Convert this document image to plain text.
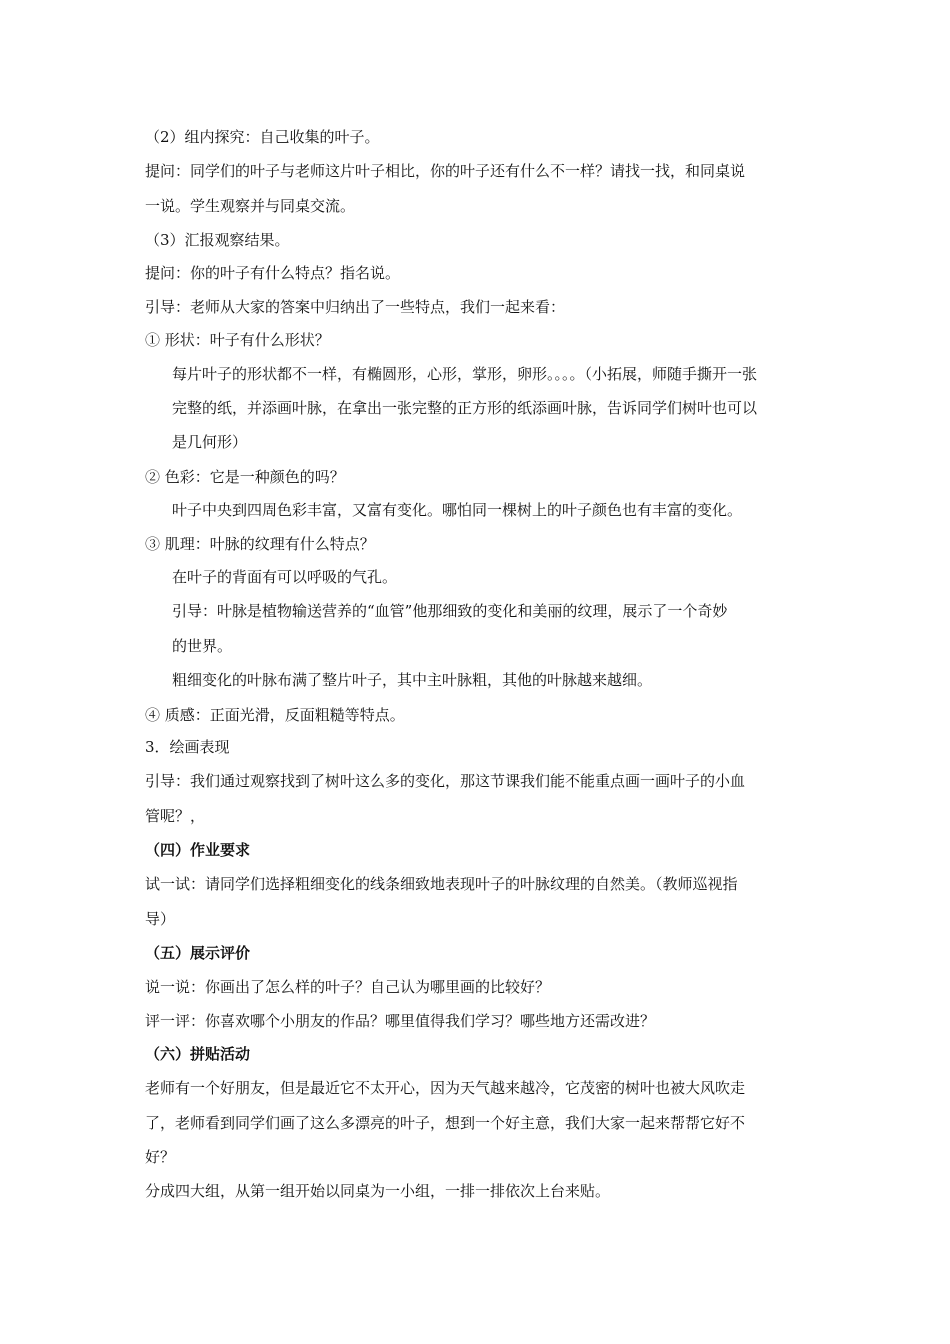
（2）组内探究：自己收集的叶子。
提问：同学们的叶子与老师这片叶子相比，你的叶子还有什么不一样？请找一找，和同桌说
一说。学生观察并与同桌交流。
（3）汇报观察结果。
提问：你的叶子有什么特点？指名说。
引导：老师从大家的答案中归纳出了一些特点，我们一起来看：
① 形状：叶子有什么形状？
每片叶子的形状都不一样，有椭圆形，心形，掌形，卵形。。。。（小拓展，师随手撕开一张
完整的纸，并添画叶脉，在拿出一张完整的正方形的纸添画叶脉，告诉同学们树叶也可以
是几何形）
② 色彩：它是一种颜色的吗？
叶子中央到四周色彩丰富，又富有变化。哪怕同一棵树上的叶子颜色也有丰富的变化。
③ 肌理：叶脉的纹理有什么特点？
在叶子的背面有可以呼吸的气孔。
引导：叶脉是植物输送营养的“血管”他那细致的变化和美丽的纹理，展示了一个奇妙
的世界。
粗细变化的叶脉布满了整片叶子，其中主叶脉粗，其他的叶脉越来越细。
④ 质感：正面光滑，反面粗糙等特点。
3．绘画表现
引导：我们通过观察找到了树叶这么多的变化，那这节课我们能不能重点画一画叶子的小血
管呢？，
（四）作业要求
试一试：请同学们选择粗细变化的线条细致地表现叶子的叶脉纹理的自然美。（教师巡视指
导）
（五）展示评价
说一说：你画出了怎么样的叶子？自己认为哪里画的比较好？
评一评：你喜欢哪个小朋友的作品？哪里值得我们学习？哪些地方还需改进？
（六）拼贴活动
老师有一个好朋友，但是最近它不太开心，因为天气越来越冷，它茂密的树叶也被大风吹走
了，老师看到同学们画了这么多漂亮的叶子，想到一个好主意，我们大家一起来帮帮它好不
好？
分成四大组，从第一组开始以同桌为一小组，一排一排依次上台来贴。
